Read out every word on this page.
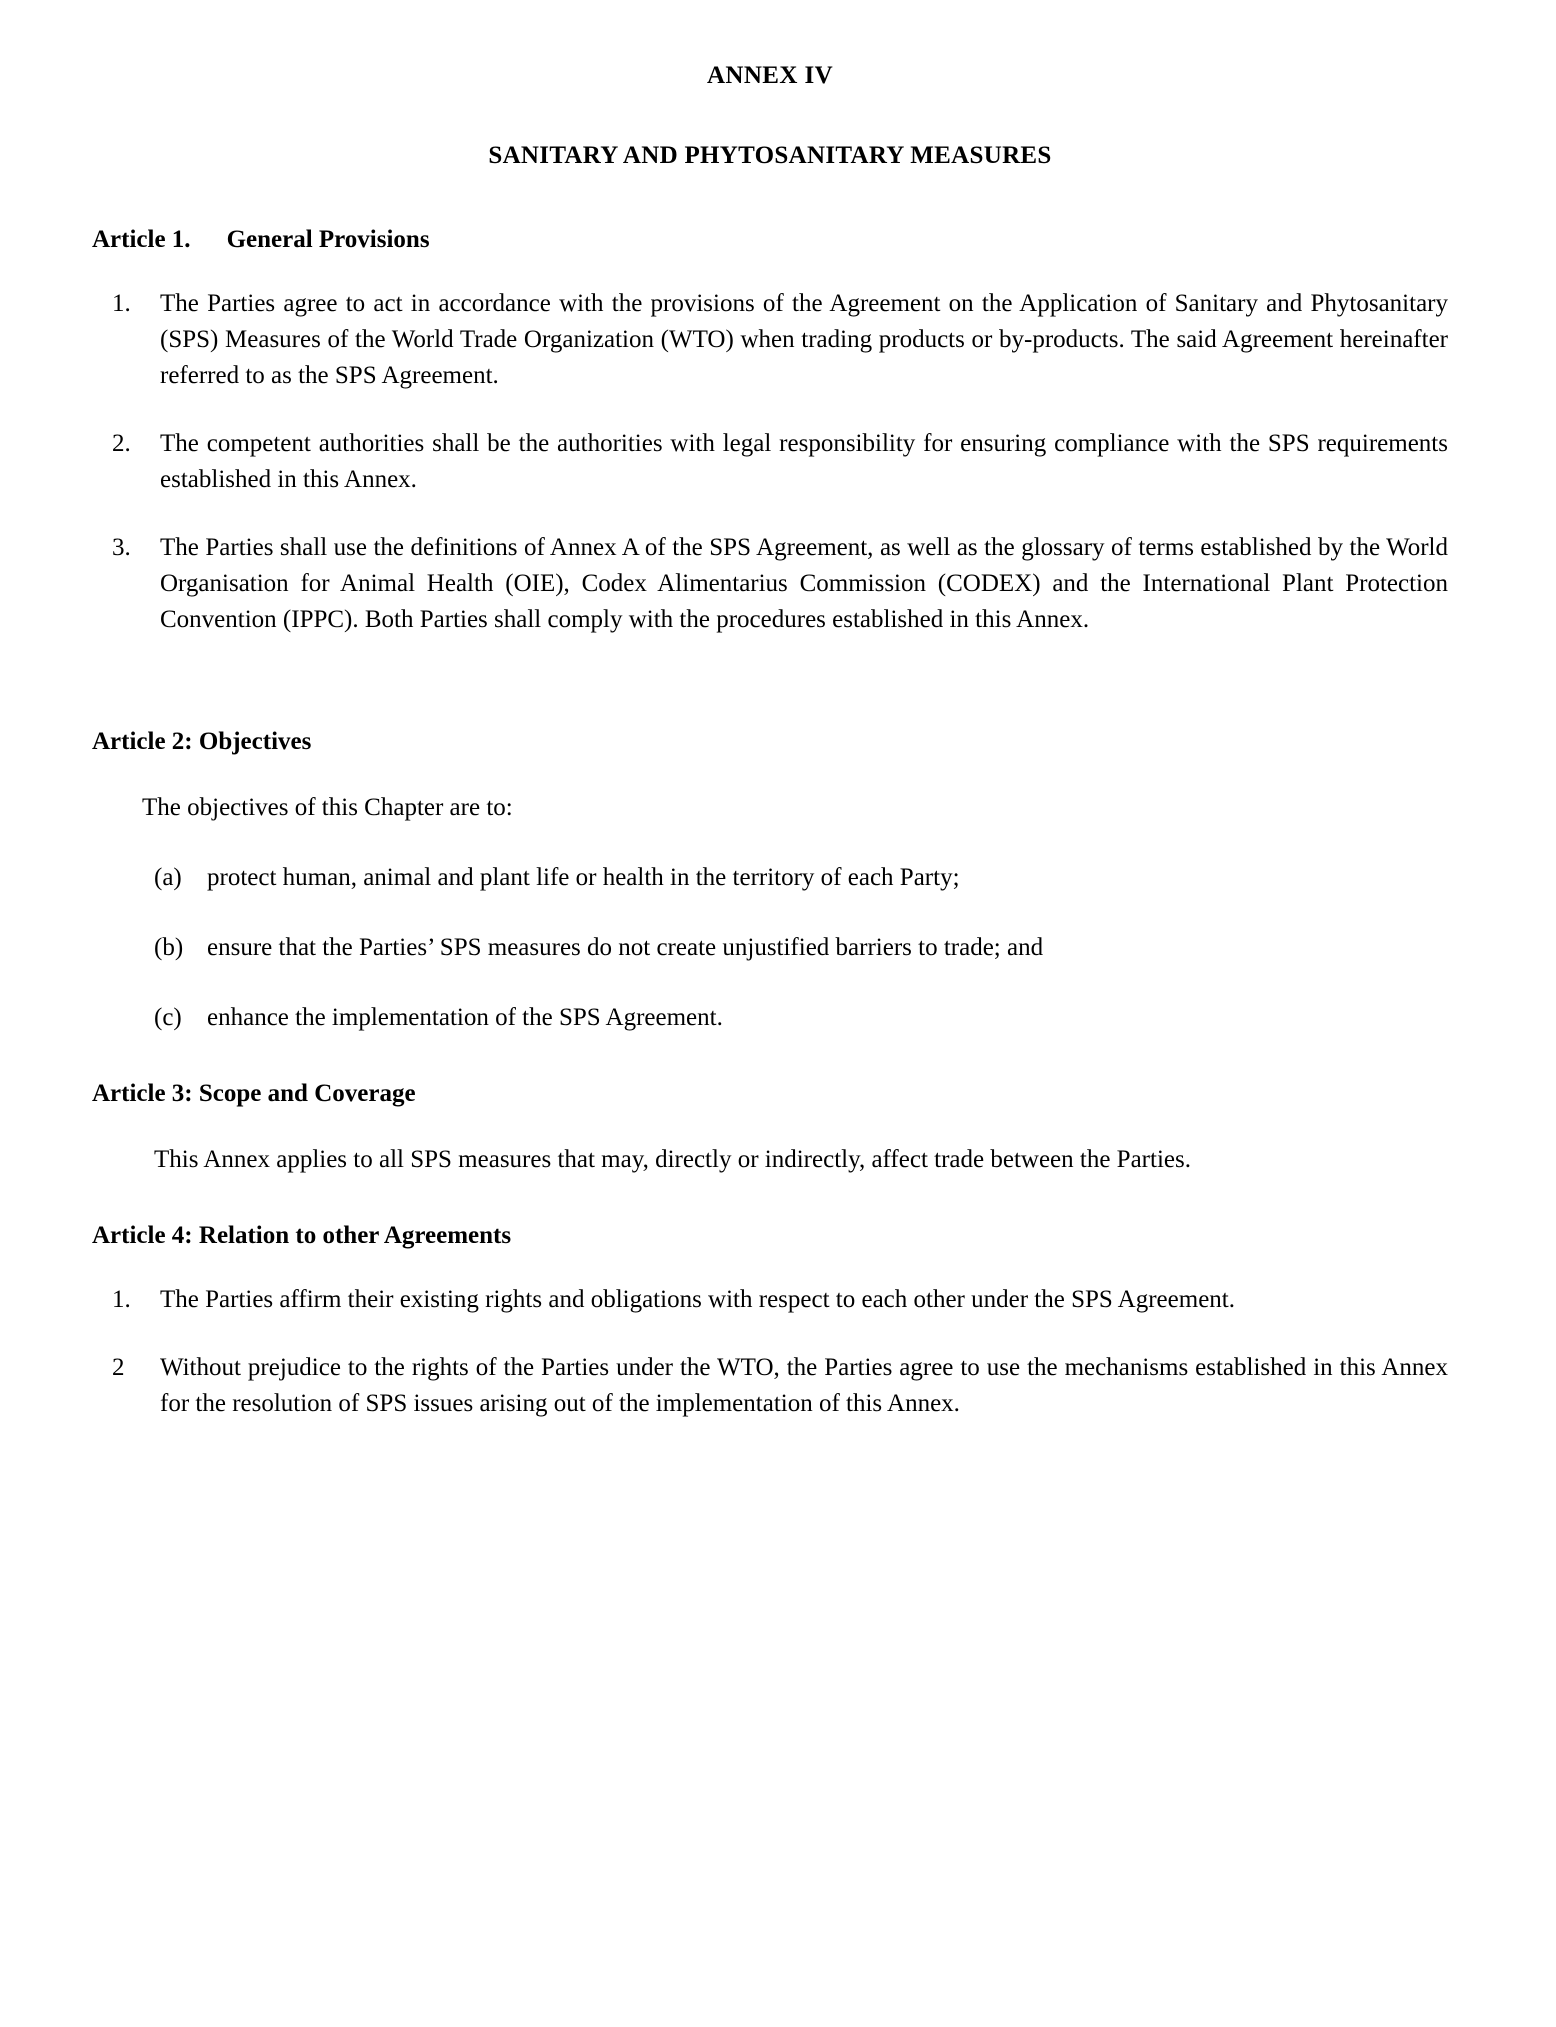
ANNEX IV
SANITARY AND PHYTOSANITARY MEASURES
Article 1. General Provisions
1.	The Parties agree to act in accordance with the provisions of the Agreement on the Application of Sanitary and Phytosanitary (SPS) Measures of the World Trade Organization (WTO) when trading products or by-products. The said Agreement hereinafter referred to as the SPS Agreement.
2.	The competent authorities shall be the authorities with legal responsibility for ensuring compliance with the SPS requirements established in this Annex.
3.	The Parties shall use the definitions of Annex A of the SPS Agreement, as well as the glossary of terms established by the World Organisation for Animal Health (OIE), Codex Alimentarius Commission (CODEX) and the International Plant Protection Convention (IPPC). Both Parties shall comply with the procedures established in this Annex.
Article 2: Objectives

The objectives of this Chapter are to:

(a)	protect human, animal and plant life or health in the territory of each Party;
(b) ensure that the Parties’ SPS measures do not create unjustified barriers to trade; and
(c)	enhance the implementation of the SPS Agreement.
Article 3: Scope and Coverage

This Annex applies to all SPS measures that may, directly or indirectly, affect trade between the Parties.

Article 4: Relation to other Agreements
1.	The Parties affirm their existing rights and obligations with respect to each other under the SPS Agreement.
2	Without prejudice to the rights of the Parties under the WTO, the Parties agree to use the mechanisms established in this Annex for the resolution of SPS issues arising out of the implementation of this Annex.
